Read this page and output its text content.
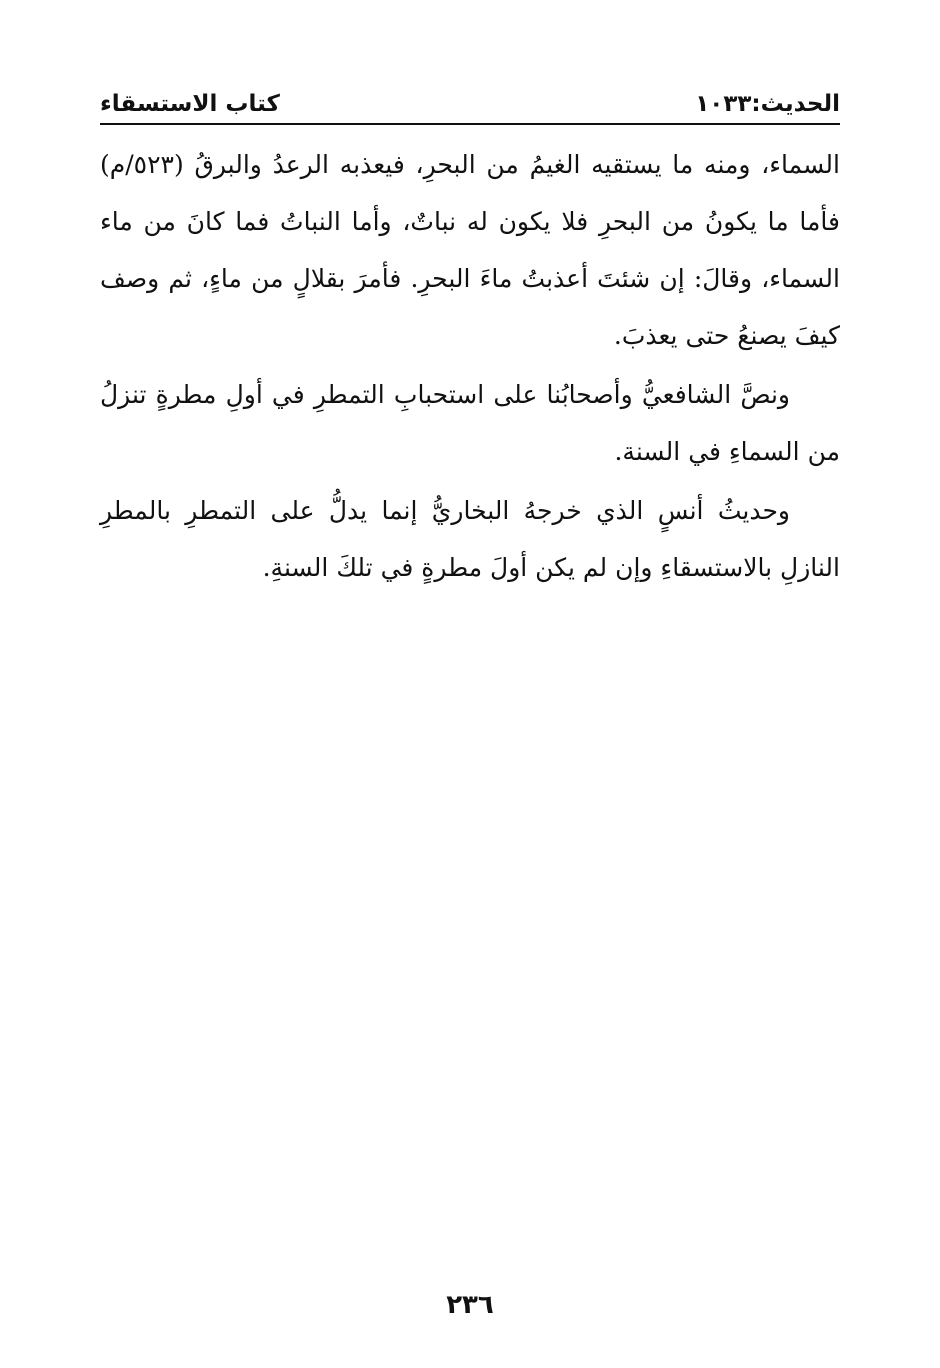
الحديث:١٠٣٣
كتاب الاستسقاء

السماء، ومنه ما يستقيه الغيمُ من البحرِ، فيعذبه الرعدُ والبرقُ (٥٢٣/م) فأما ما يكونُ من البحرِ فلا يكون له نباتٌ، وأما النباتُ فما كانَ من ماء السماء، وقالَ: إن شئتَ أعذبتُ ماءَ البحرِ. فأمرَ بقلالٍ من ماءٍ، ثم وصف كيفَ يصنعُ حتى يعذبَ.

ونصَّ الشافعيُّ وأصحابُنا على استحبابِ التمطرِ في أولِ مطرةٍ تنزلُ من السماءِ في السنة.

وحديثُ أنسٍ الذي خرجهُ البخاريُّ إنما يدلُّ على التمطرِ بالمطرِ النازلِ بالاستسقاءِ وإن لم يكن أولَ مطرةٍ في تلكَ السنةِ.

٢٣٦
